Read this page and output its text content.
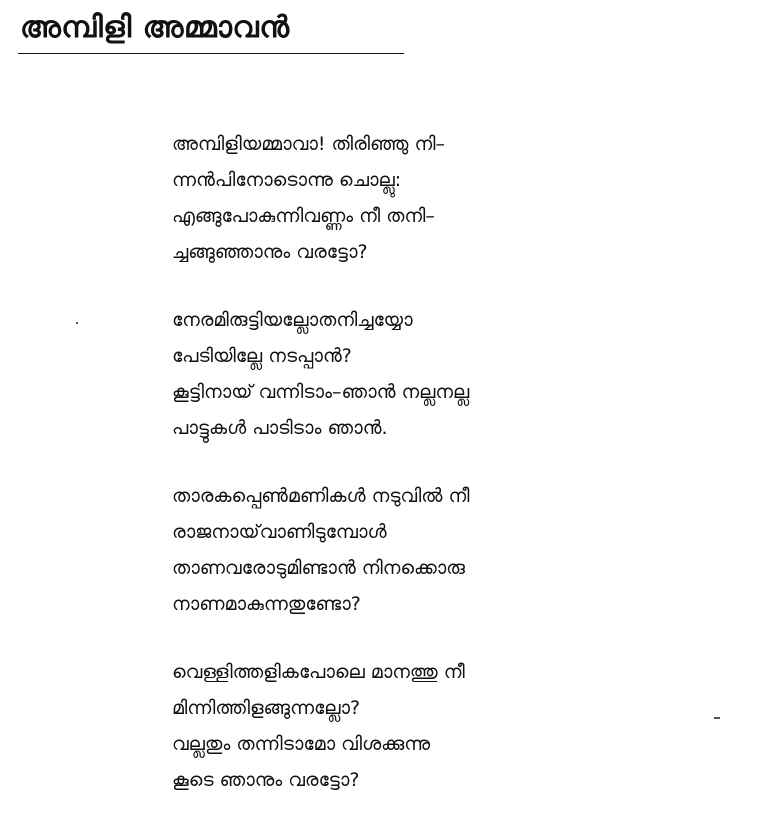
അമ്പിളി അമ്മാവൻ
അമ്പിളിയമ്മാവാ! തിരിഞ്ഞു നി–
ന്നൻപിനോടൊന്നു ചൊല്ലു:
എങ്ങുപോകുന്നിവണ്ണം നീ തനി–
ച്ചങ്ങുഞ്ഞാനും വരട്ടോ?
നേരമിരുട്ടിയല്ലോതനിച്ചയ്യോ
പേടിയില്ലേ നടപ്പാൻ?
കൂട്ടിനായ് വന്നിടാം–ഞാൻ നല്ലനല്ല
പാട്ടുകൾ പാടിടാം ഞാൻ.
താരകപ്പെൺമണികൾ നടുവിൽ നീ
രാജനായ്‌വാണിടുമ്പോൾ
താണവരോടുമിണ്ടാൻ നിനക്കൊരു
നാണമാകുന്നതുണ്ടോ?
വെള്ളിത്തളികപോലെ മാനത്തു നീ
മിന്നിത്തിളങ്ങുന്നല്ലോ?
വല്ലതും തന്നിടാമോ വിശക്കുന്നു
കൂടെ ഞാനും വരട്ടോ?
